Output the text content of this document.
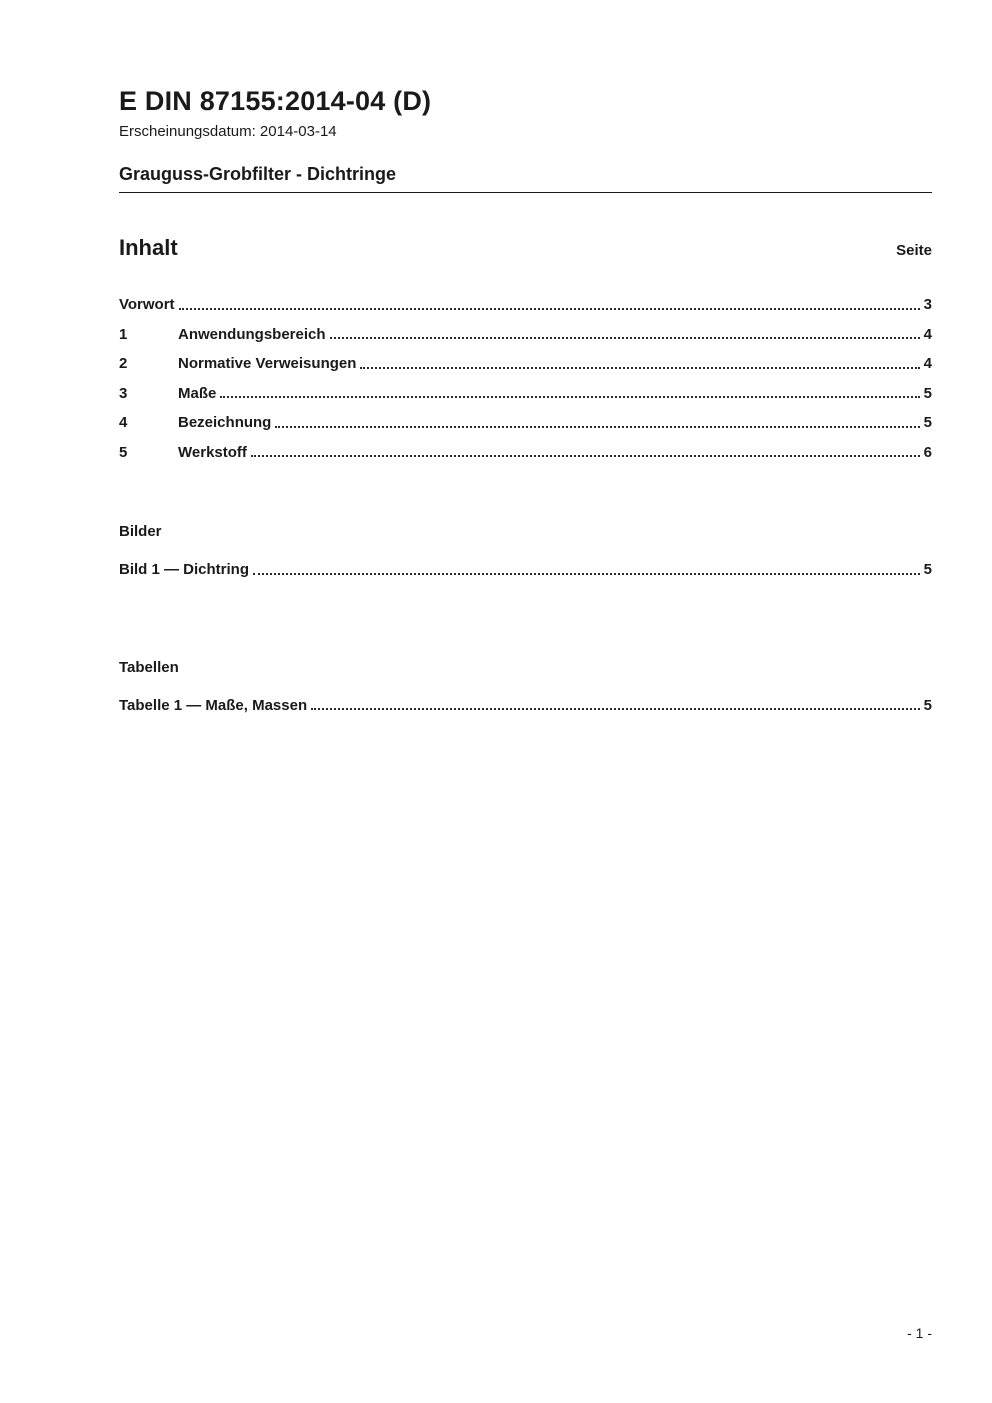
E DIN 87155:2014-04 (D)
Erscheinungsdatum: 2014-03-14
Grauguss-Grobfilter - Dichtringe
Inhalt	Seite
Vorwort	3
1	Anwendungsbereich	4
2	Normative Verweisungen	4
3	Maße	5
4	Bezeichnung	5
5	Werkstoff	6
Bilder
Bild 1 — Dichtring	5
Tabellen
Tabelle 1 — Maße, Massen	5
- 1 -
